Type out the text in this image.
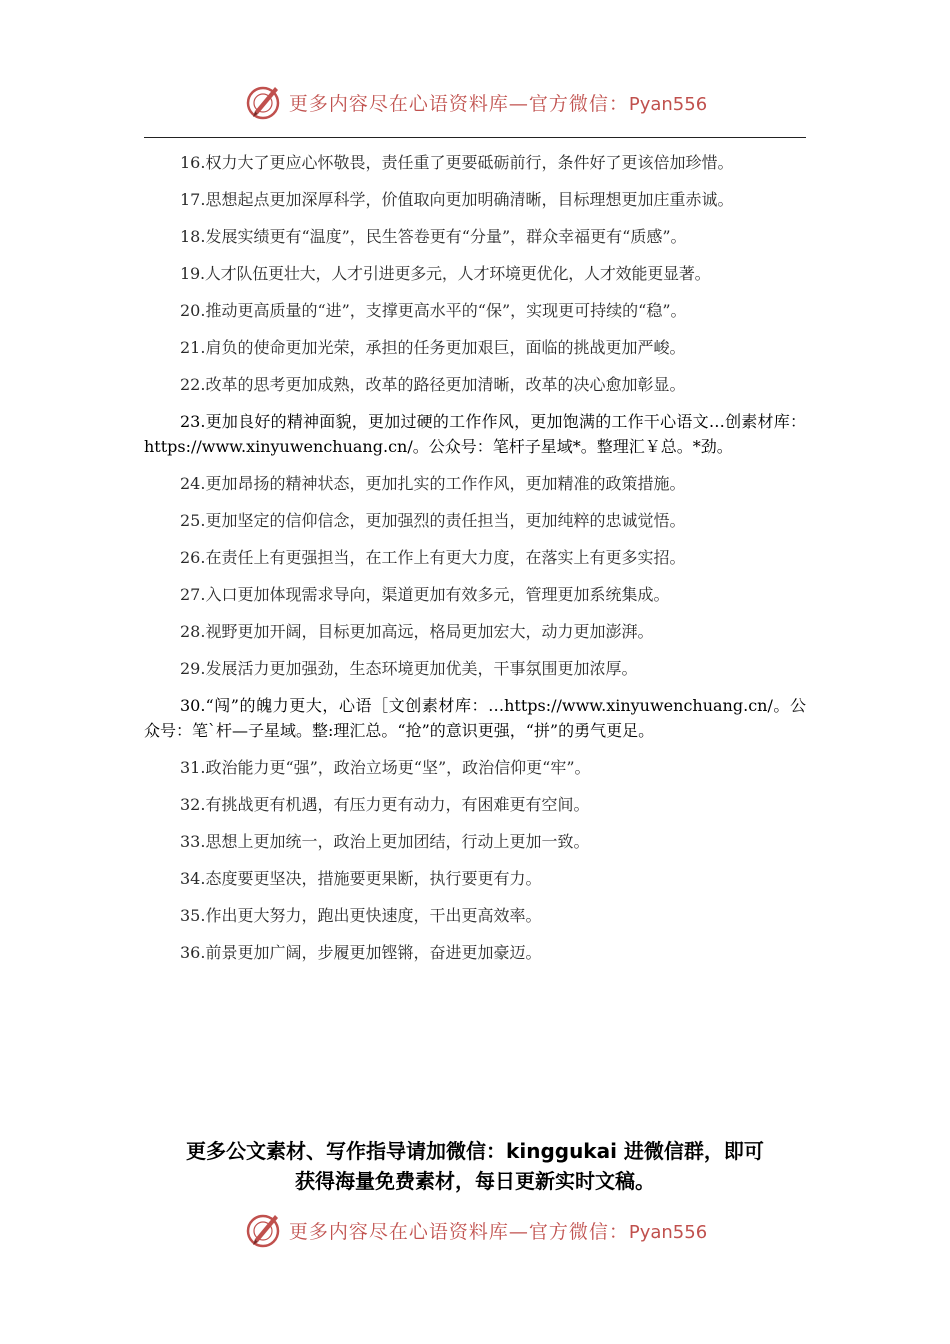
更多内容尽在心语资料库—官方微信：Pyan556

16.权力大了更应心怀敬畏，责任重了更要砥砺前行，条件好了更该倍加珍惜。

17.思想起点更加深厚科学，价值取向更加明确清晰，目标理想更加庄重赤诚。

18.发展实绩更有“温度”，民生答卷更有“分量”，群众幸福更有“质感”。

19.人才队伍更壮大，人才引进更多元，人才环境更优化，人才效能更显著。

20.推动更高质量的“进”，支撑更高水平的“保”，实现更可持续的“稳”。

21.肩负的使命更加光荣，承担的任务更加艰巨，面临的挑战更加严峻。

22.改革的思考更加成熟，改革的路径更加清晰，改革的决心愈加彰显。

23.更加良好的精神面貌，更加过硬的工作作风，更加饱满的工作干心语文…创素材库：https://www.xinyuwenchuang.cn/。公众号：笔杆子星域*。整理汇￥总。*劲。

24.更加昂扬的精神状态，更加扎实的工作作风，更加精准的政策措施。

25.更加坚定的信仰信念，更加强烈的责任担当，更加纯粹的忠诚觉悟。

26.在责任上有更强担当，在工作上有更大力度，在落实上有更多实招。

27.入口更加体现需求导向，渠道更加有效多元，管理更加系统集成。

28.视野更加开阔，目标更加高远，格局更加宏大，动力更加澎湃。

29.发展活力更加强劲，生态环境更加优美，干事氛围更加浓厚。

30.“闯”的魄力更大，心语［文创素材库：…https://www.xinyuwenchuang.cn/。公众号：笔`杆—子星域。整:理汇总。“抢”的意识更强，“拼”的勇气更足。

31.政治能力更“强”，政治立场更“坚”，政治信仰更“牢”。

32.有挑战更有机遇，有压力更有动力，有困难更有空间。

33.思想上更加统一，政治上更加团结，行动上更加一致。

34.态度要更坚决，措施要更果断，执行要更有力。

35.作出更大努力，跑出更快速度，干出更高效率。

36.前景更加广阔，步履更加铿锵，奋进更加豪迈。

更多公文素材、写作指导请加微信：kinggukai 进微信群，即可
获得海量免费素材，每日更新实时文稿。
更多内容尽在心语资料库—官方微信：Pyan556
